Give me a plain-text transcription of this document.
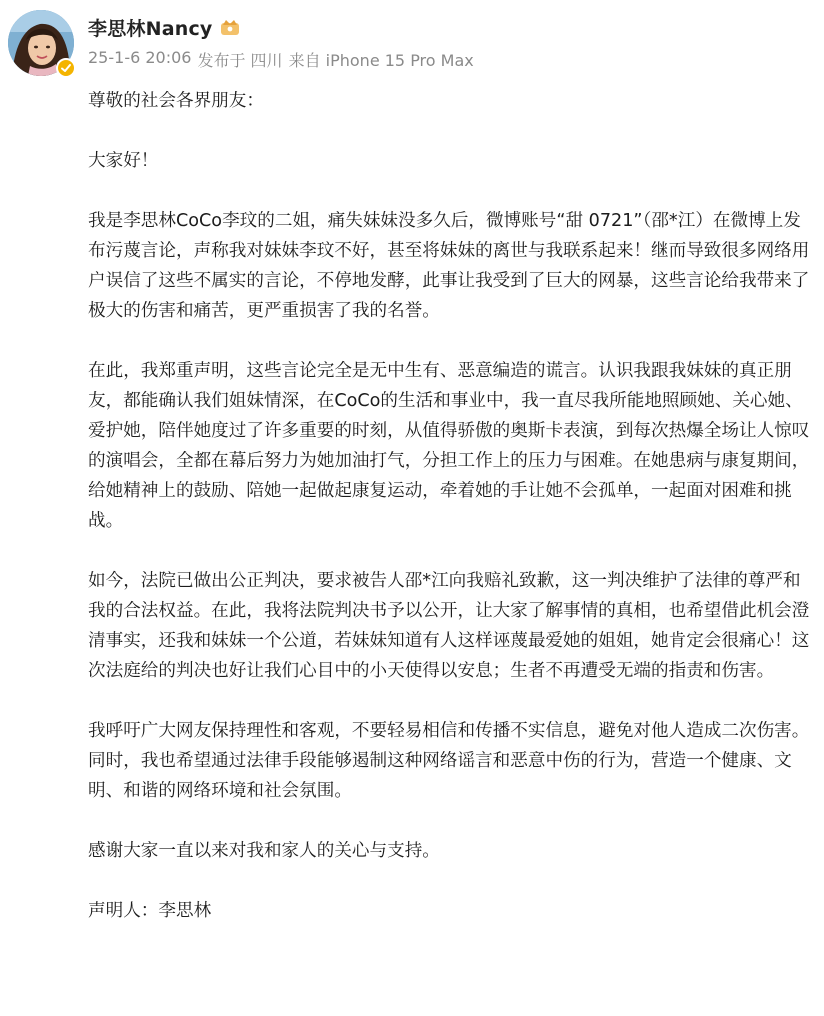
李思林Nancy
25-1-6 20:06 发布于 四川 来自 iPhone 15 Pro Max

尊敬的社会各界朋友：

大家好！

我是李思林CoCo李玟的二姐，痛失妹妹没多久后，微博账号“甜 0721”（邵*江）在微博上发布污蔑言论，声称我对妹妹李玟不好，甚至将妹妹的离世与我联系起来！继而导致很多网络用户误信了这些不属实的言论，不停地发酵，此事让我受到了巨大的网暴，这些言论给我带来了极大的伤害和痛苦，更严重损害了我的名誉。

在此，我郑重声明，这些言论完全是无中生有、恶意编造的谎言。认识我跟我妹妹的真正朋友，都能确认我们姐妹情深，在CoCo的生活和事业中，我一直尽我所能地照顾她、关心她、爱护她，陪伴她度过了许多重要的时刻，从值得骄傲的奥斯卡表演，到每次热爆全场让人惊叹的演唱会，全都在幕后努力为她加油打气，分担工作上的压力与困难。在她患病与康复期间，给她精神上的鼓励、陪她一起做起康复运动，牵着她的手让她不会孤单，一起面对困难和挑战。

如今，法院已做出公正判决，要求被告人邵*江向我赔礼致歉，这一判决维护了法律的尊严和我的合法权益。在此，我将法院判决书予以公开，让大家了解事情的真相，也希望借此机会澄清事实，还我和妹妹一个公道，若妹妹知道有人这样诬蔑最爱她的姐姐，她肯定会很痛心！这次法庭给的判决也好让我们心目中的小天使得以安息；生者不再遭受无端的指责和伤害。

我呼吁广大网友保持理性和客观，不要轻易相信和传播不实信息，避免对他人造成二次伤害。同时，我也希望通过法律手段能够遏制这种网络谣言和恶意中伤的行为，营造一个健康、文明、和谐的网络环境和社会氛围。

感谢大家一直以来对我和家人的关心与支持。

声明人：李思林
